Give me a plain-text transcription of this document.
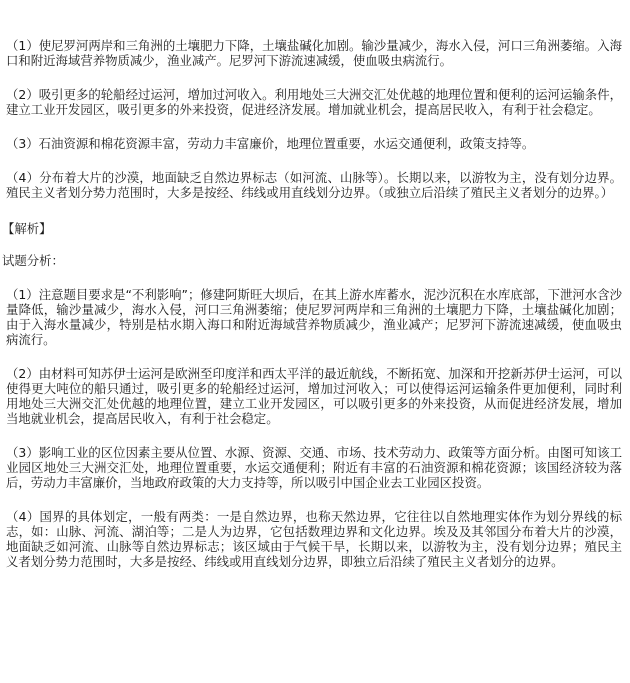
（1）使尼罗河两岸和三角洲的土壤肥力下降，土壤盐碱化加剧。输沙量减少，海水入侵，河口三角洲萎缩。入海口和附近海域营养物质减少，渔业减产。尼罗河下游流速减缓，使血吸虫病流行。

（2）吸引更多的轮船经过运河，增加过河收入。利用地处三大洲交汇处优越的地理位置和便利的运河运输条件，建立工业开发园区，吸引更多的外来投资，促进经济发展。增加就业机会，提高居民收入，有利于社会稳定。

（3）石油资源和棉花资源丰富，劳动力丰富廉价，地理位置重要，水运交通便利，政策支持等。

（4）分布着大片的沙漠，地面缺乏自然边界标志（如河流、山脉等）。长期以来，以游牧为主，没有划分边界。殖民主义者划分势力范围时，大多是按经、纬线或用直线划分边界。（或独立后沿续了殖民主义者划分的边界。）

【解析】

试题分析：

（1）注意题目要求是“不利影响”；修建阿斯旺大坝后，在其上游水库蓄水，泥沙沉积在水库底部，下泄河水含沙量降低，输沙量减少，海水入侵，河口三角洲萎缩；使尼罗河两岸和三角洲的土壤肥力下降，土壤盐碱化加剧；由于入海水量减少，特别是枯水期入海口和附近海域营养物质减少，渔业减产；尼罗河下游流速减缓，使血吸虫病流行。

（2）由材料可知苏伊士运河是欧洲至印度洋和西太平洋的最近航线，不断拓宽、加深和开挖新苏伊士运河，可以使得更大吨位的船只通过，吸引更多的轮船经过运河，增加过河收入；可以使得运河运输条件更加便利，同时利用地处三大洲交汇处优越的地理位置，建立工业开发园区，可以吸引更多的外来投资，从而促进经济发展，增加当地就业机会，提高居民收入，有利于社会稳定。

（3）影响工业的区位因素主要从位置、水源、资源、交通、市场、技术劳动力、政策等方面分析。由图可知该工业园区地处三大洲交汇处，地理位置重要，水运交通便利；附近有丰富的石油资源和棉花资源；该国经济较为落后，劳动力丰富廉价，当地政府政策的大力支持等，所以吸引中国企业去工业园区投资。

（4）国界的具体划定，一般有两类：一是自然边界，也称天然边界，它往往以自然地理实体作为划分界线的标志，如：山脉、河流、湖泊等；二是人为边界，它包括数理边界和文化边界。埃及及其邻国分布着大片的沙漠，地面缺乏如河流、山脉等自然边界标志；该区域由于气候干旱，长期以来，以游牧为主，没有划分边界；殖民主义者划分势力范围时，大多是按经、纬线或用直线划分边界，即独立后沿续了殖民主义者划分的边界。
